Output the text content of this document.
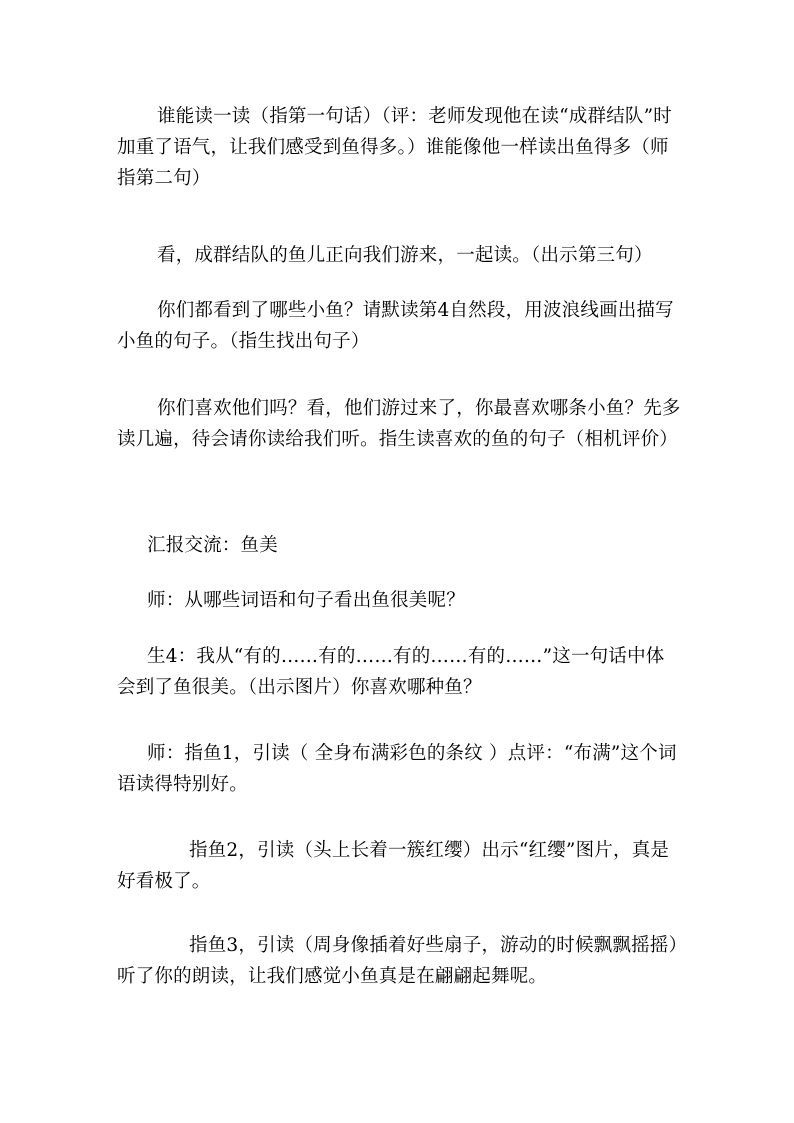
谁能读一读（指第一句话）（评：老师发现他在读“成群结队”时加重了语气，让我们感受到鱼得多。）谁能像他一样读出鱼得多（师指第二句）

看，成群结队的鱼儿正向我们游来，一起读。（出示第三句）

你们都看到了哪些小鱼？请默读第4自然段，用波浪线画出描写小鱼的句子。（指生找出句子）

你们喜欢他们吗？看，他们游过来了，你最喜欢哪条小鱼？先多读几遍，待会请你读给我们听。指生读喜欢的鱼的句子（相机评价）

汇报交流：鱼美

师：从哪些词语和句子看出鱼很美呢？

生4：我从“有的……有的……有的……有的……”这一句话中体会到了鱼很美。（出示图片）你喜欢哪种鱼？

师：指鱼1，引读（ 全身布满彩色的条纹 ）点评：“布满”这个词语读得特别好。

指鱼2，引读（头上长着一簇红缨）出示“红缨”图片，真是好看极了。

指鱼3，引读（周身像插着好些扇子，游动的时候飘飘摇摇）听了你的朗读，让我们感觉小鱼真是在翩翩起舞呢。
